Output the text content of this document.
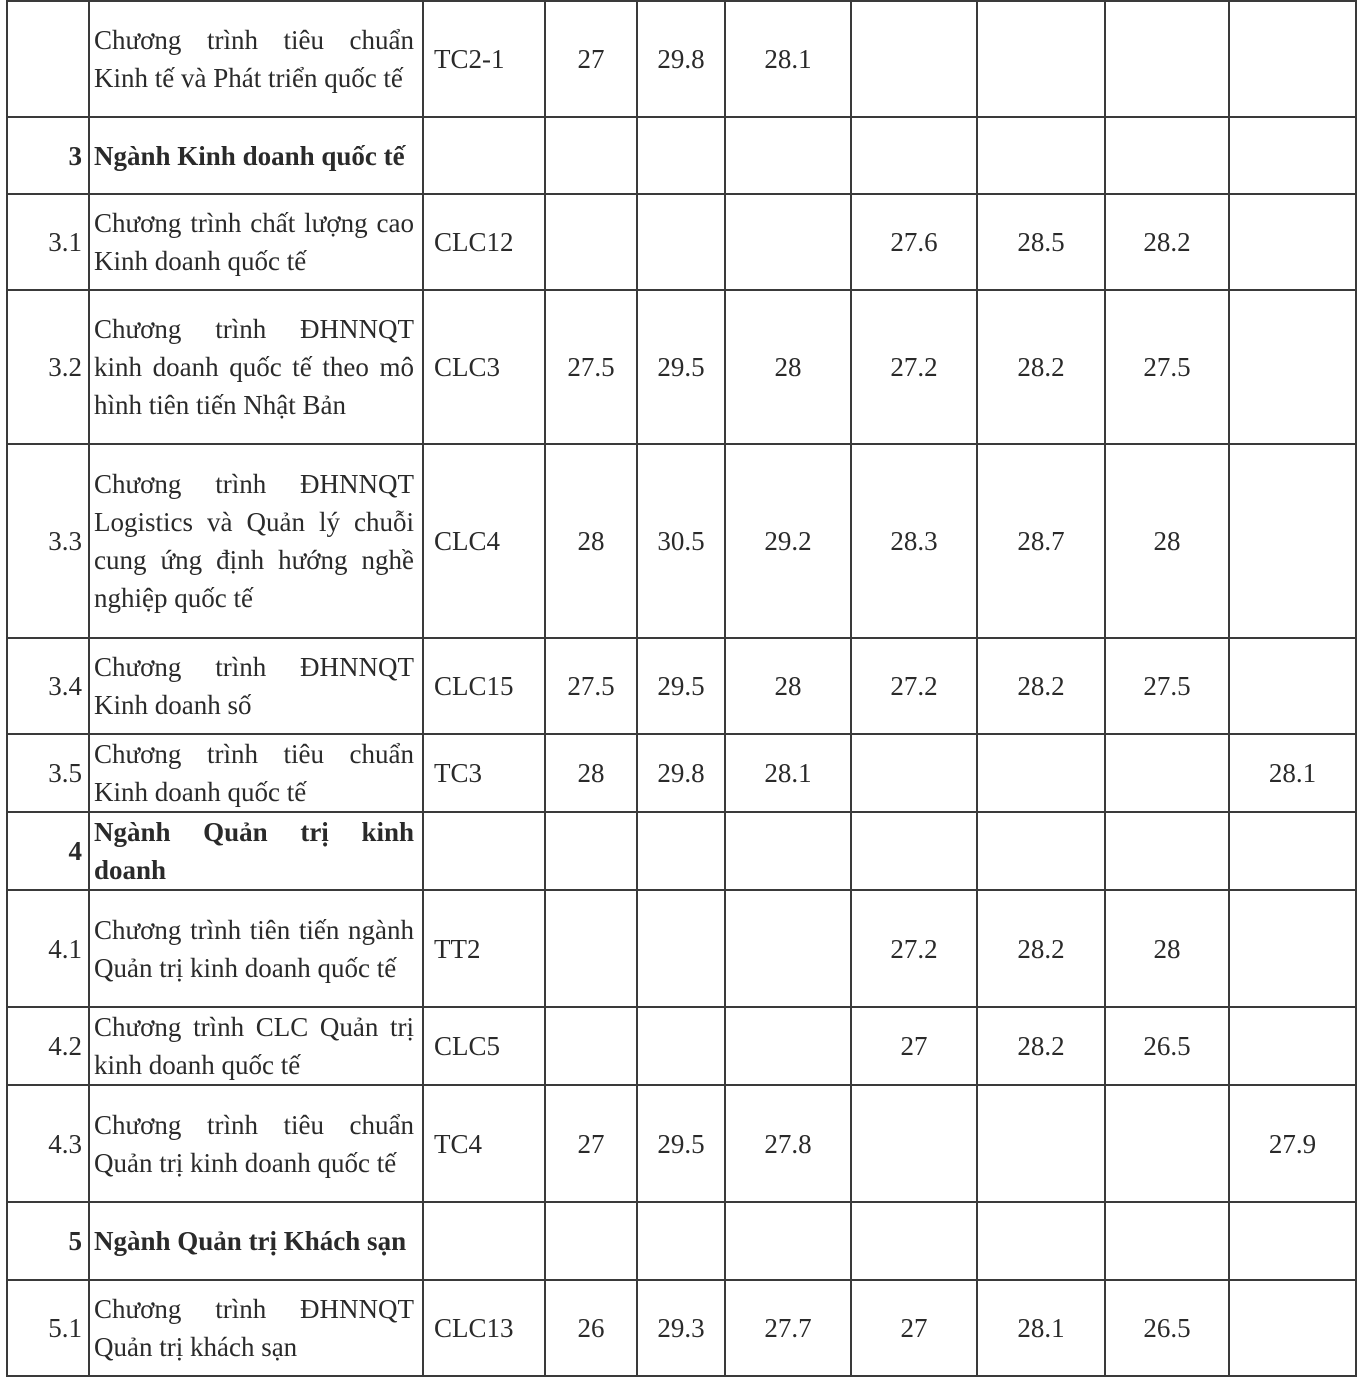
	Chương trình tiêu chuẩn Kinh tế và Phát triển quốc tế	TC2-1	27	29.8	28.1				
3	Ngành Kinh doanh quốc tế								
3.1	Chương trình chất lượng cao Kinh doanh quốc tế	CLC12				27.6	28.5	28.2	
3.2	Chương trình ĐHNNQT kinh doanh quốc tế theo mô hình tiên tiến Nhật Bản	CLC3	27.5	29.5	28	27.2	28.2	27.5	
3.3	Chương trình ĐHNNQT Logistics và Quản lý chuỗi cung ứng định hướng nghề nghiệp quốc tế	CLC4	28	30.5	29.2	28.3	28.7	28	
3.4	Chương trình ĐHNNQT Kinh doanh số	CLC15	27.5	29.5	28	27.2	28.2	27.5	
3.5	Chương trình tiêu chuẩn Kinh doanh quốc tế	TC3	28	29.8	28.1				28.1
4	Ngành Quản trị kinh doanh								
4.1	Chương trình tiên tiến ngành Quản trị kinh doanh quốc tế	TT2				27.2	28.2	28	
4.2	Chương trình CLC Quản trị kinh doanh quốc tế	CLC5				27	28.2	26.5	
4.3	Chương trình tiêu chuẩn Quản trị kinh doanh quốc tế	TC4	27	29.5	27.8				27.9
5	Ngành Quản trị Khách sạn								
5.1	Chương trình ĐHNNQT Quản trị khách sạn	CLC13	26	29.3	27.7	27	28.1	26.5	
